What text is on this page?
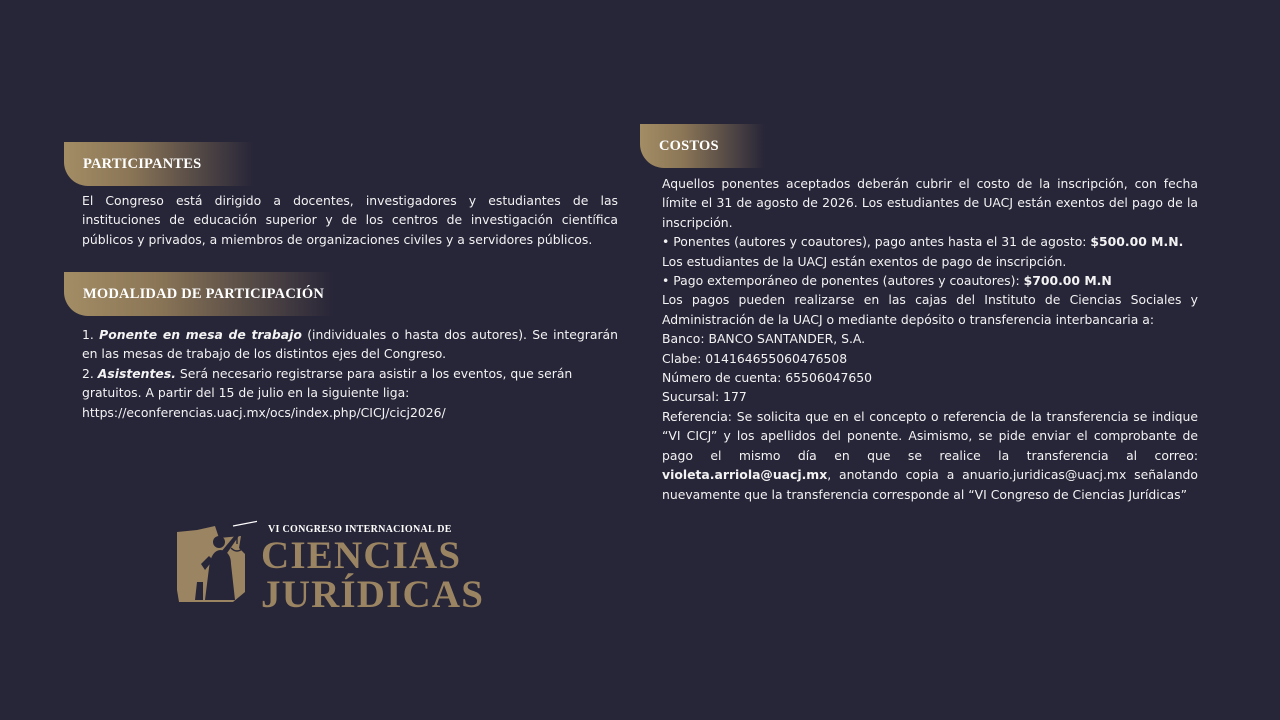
PARTICIPANTES

El Congreso está dirigido a docentes, investigadores y estudiantes de las instituciones de educación superior y de los centros de investigación científica públicos y privados, a miembros de organizaciones civiles y a servidores públicos.

MODALIDAD DE PARTICIPACIÓN

1. Ponente en mesa de trabajo (individuales o hasta dos autores). Se integrarán en las mesas de trabajo de los distintos ejes del Congreso.

2. Asistentes. Será necesario registrarse para asistir a los eventos, que serán gratuitos. A partir del 15 de julio en la siguiente liga:

https://econferencias.uacj.mx/ocs/index.php/CICJ/cicj2026/

COSTOS

Aquellos ponentes aceptados deberán cubrir el costo de la inscripción, con fecha límite el 31 de agosto de 2026. Los estudiantes de UACJ están exentos del pago de la inscripción.

• Ponentes (autores y coautores), pago antes hasta el 31 de agosto: $500.00 M.N.

Los estudiantes de la UACJ están exentos de pago de inscripción.

• Pago extemporáneo de ponentes (autores y coautores): $700.00 M.N

Los pagos pueden realizarse en las cajas del Instituto de Ciencias Sociales y Administración de la UACJ o mediante depósito o transferencia interbancaria a:

Banco: BANCO SANTANDER, S.A.

Clabe: 014164655060476508

Número de cuenta: 65506047650

Sucursal: 177

Referencia: Se solicita que en el concepto o referencia de la transferencia se indique “VI CICJ” y los apellidos del ponente. Asimismo, se pide enviar el comprobante de pago el mismo día en que se realice la transferencia al correo: violeta.arriola@uacj.mx, anotando copia a anuario.juridicas@uacj.mx señalando nuevamente que la transferencia corresponde al “VI Congreso de Ciencias Jurídicas”

VI CONGRESO INTERNACIONAL DE
CIENCIAS
JURÍDICAS
